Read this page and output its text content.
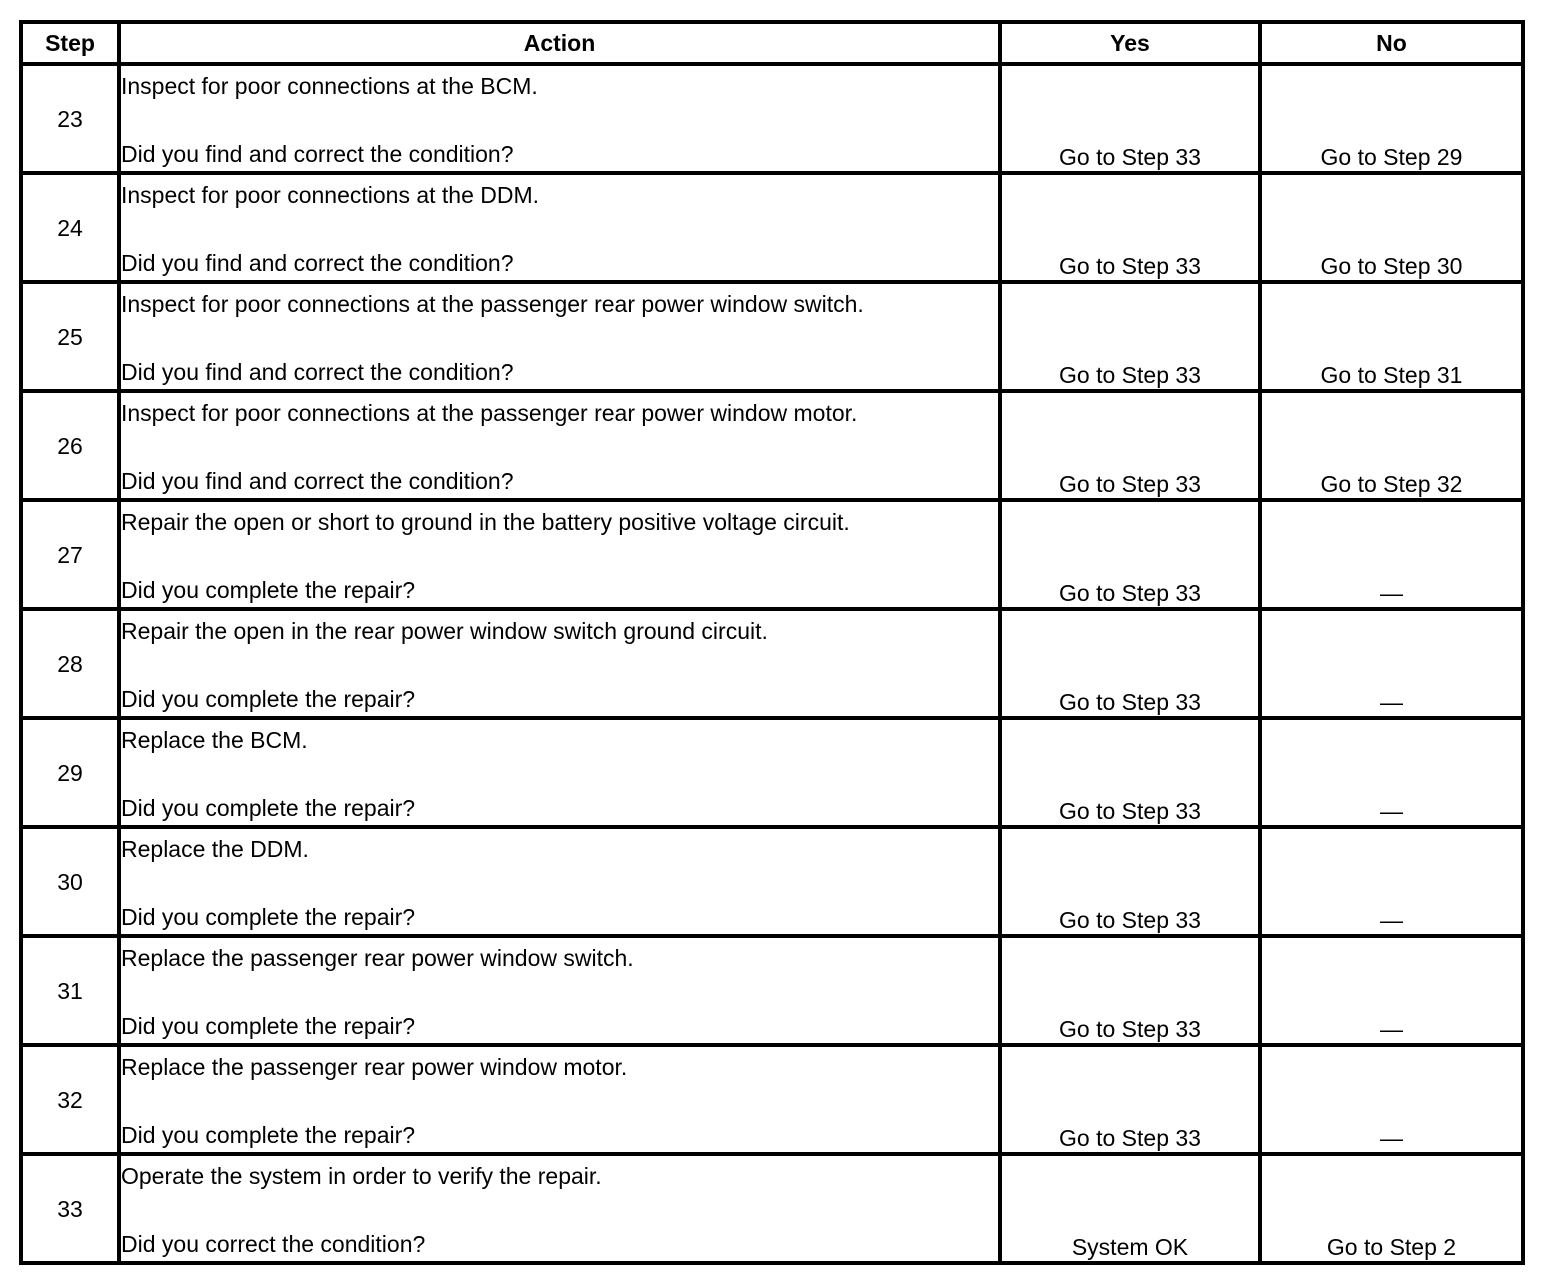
Step	Action	Yes	No

23	Inspect for poor connections at the BCM.
Did you find and correct the condition?	Go to Step 33	Go to Step 29

24	Inspect for poor connections at the DDM.
Did you find and correct the condition?	Go to Step 33	Go to Step 30

25	Inspect for poor connections at the passenger rear power window switch.
Did you find and correct the condition?	Go to Step 33	Go to Step 31

26	Inspect for poor connections at the passenger rear power window motor.
Did you find and correct the condition?	Go to Step 33	Go to Step 32

27	Repair the open or short to ground in the battery positive voltage circuit.
Did you complete the repair?	Go to Step 33	—

28	Repair the open in the rear power window switch ground circuit.
Did you complete the repair?	Go to Step 33	—

29	Replace the BCM.
Did you complete the repair?	Go to Step 33	—

30	Replace the DDM.
Did you complete the repair?	Go to Step 33	—

31	Replace the passenger rear power window switch.
Did you complete the repair?	Go to Step 33	—

32	Replace the passenger rear power window motor.
Did you complete the repair?	Go to Step 33	—

33	Operate the system in order to verify the repair.
Did you correct the condition?	System OK	Go to Step 2
